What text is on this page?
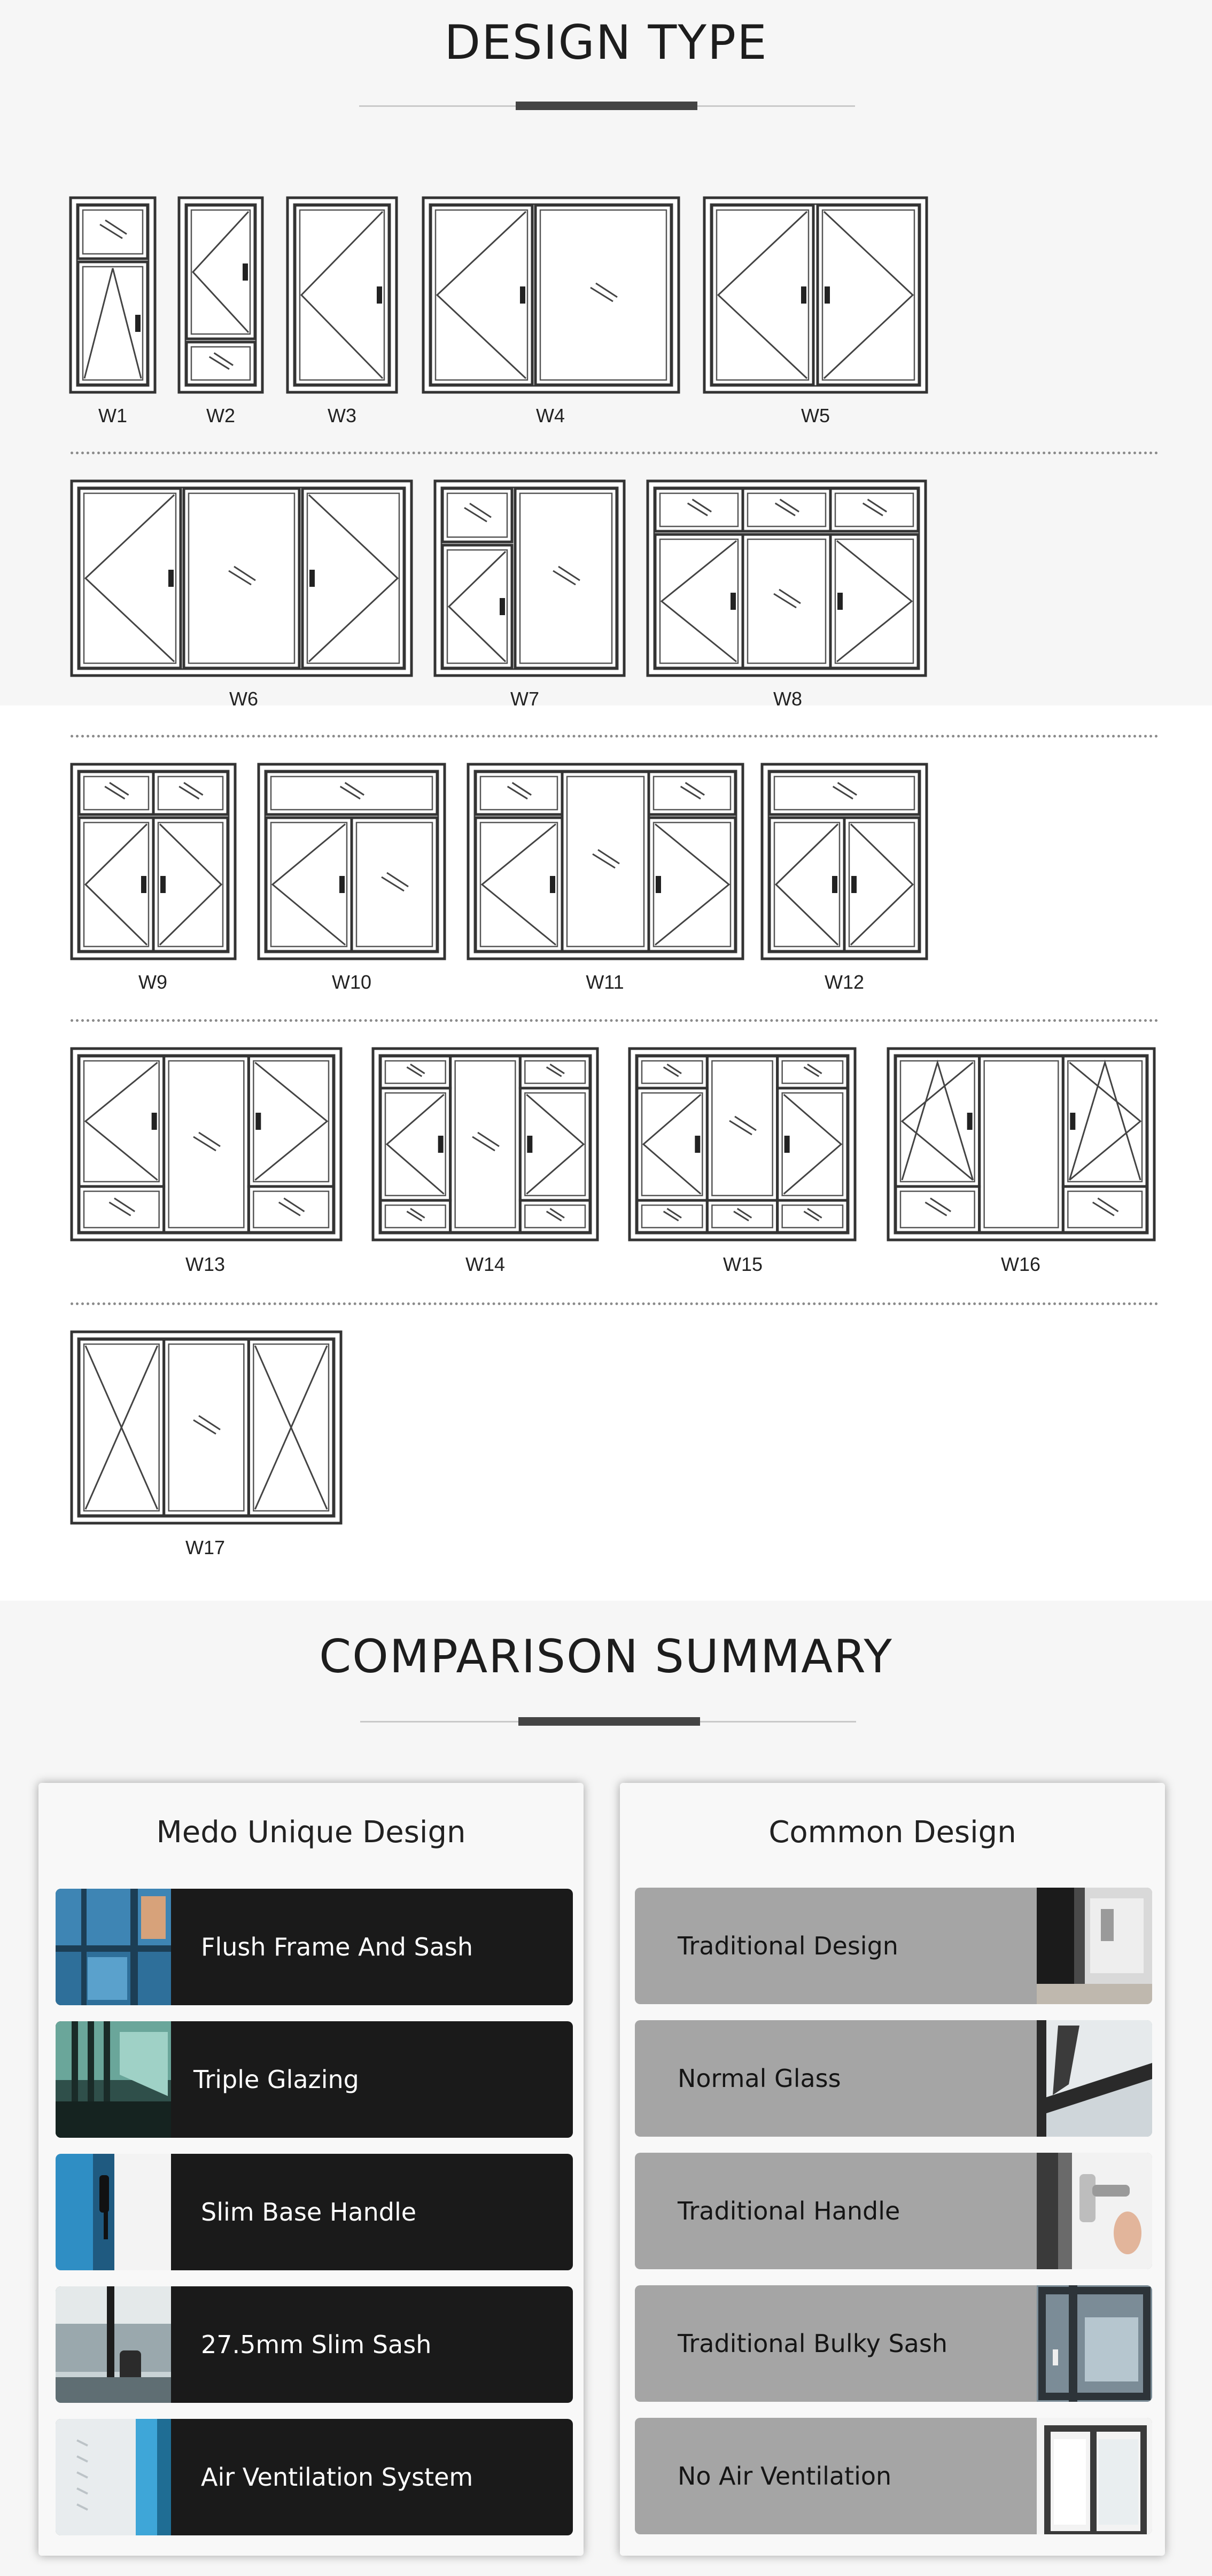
DESIGN TYPE
W1	W2	W3	W4	W5
W6	W7	W8
W9	W10	W11	W12
W13	W14	W15	W16
W17
COMPARISON SUMMARY
Medo Unique Design
Flush Frame And Sash
Triple Glazing
Slim Base Handle
27.5mm Slim Sash
Air Ventilation System
Common Design
Traditional Design
Normal Glass
Traditional Handle
Traditional Bulky Sash
No Air Ventilation
